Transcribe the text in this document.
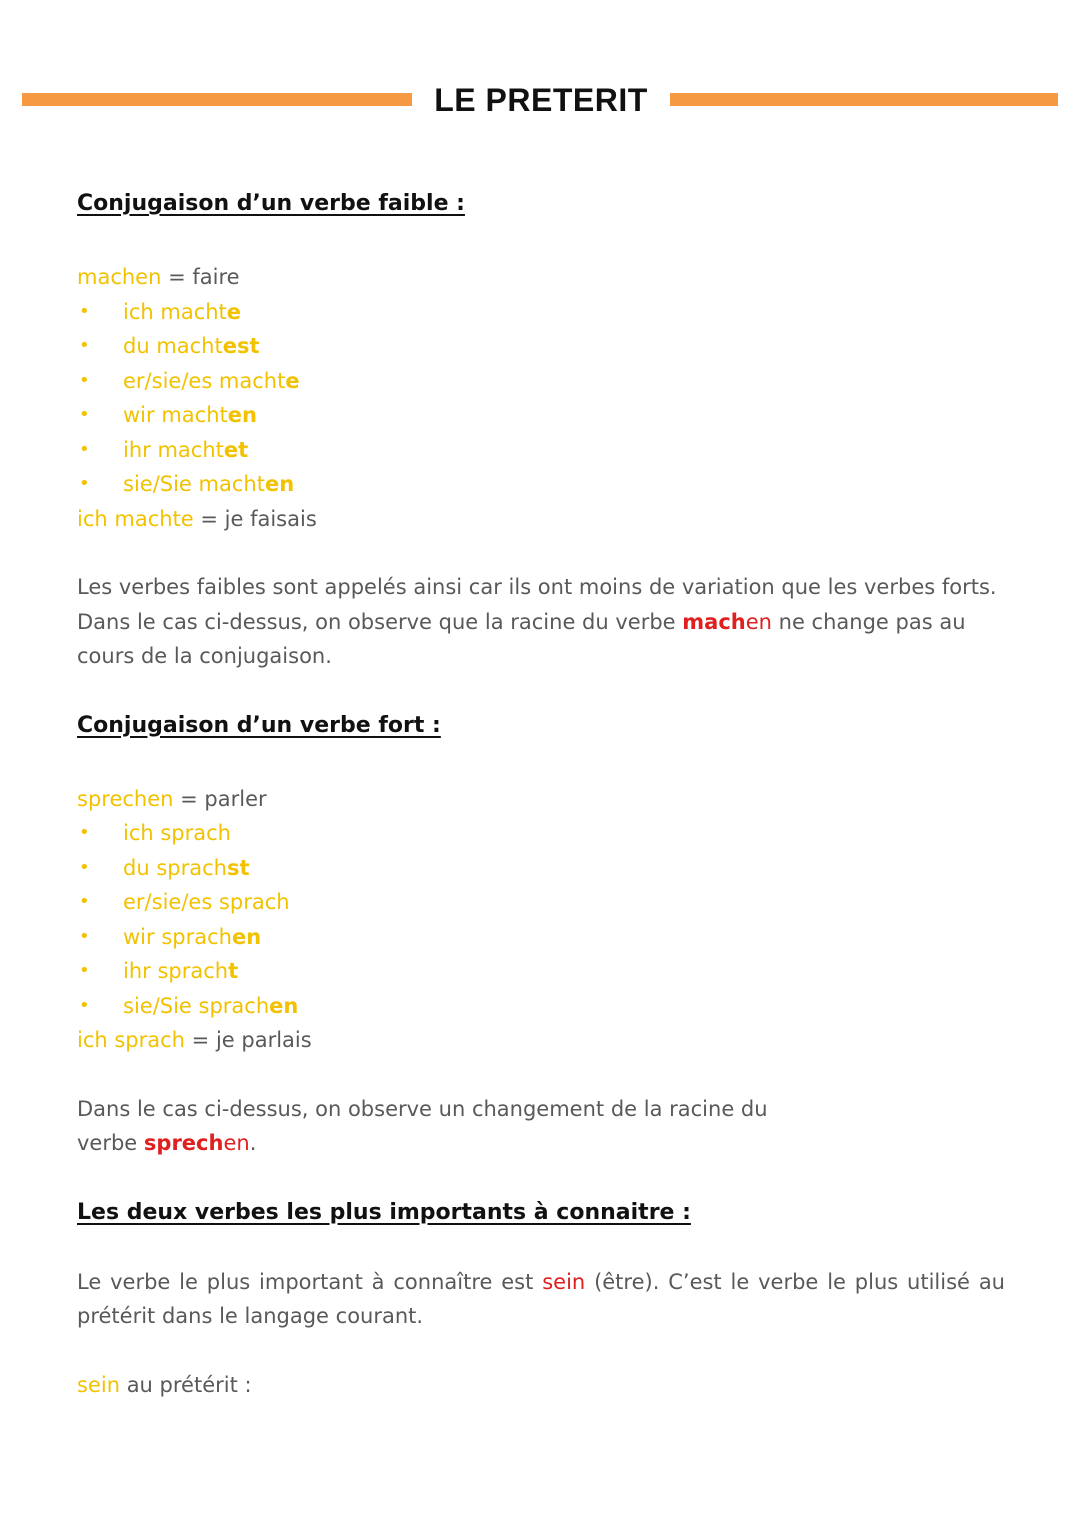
LE PRETERIT
Conjugaison d’un verbe faible :

machen = faire

• ich machte
• du machtest
• er/sie/es machte
• wir machten
• ihr machtet
• sie/Sie machten

ich machte = je faisais

Les verbes faibles sont appelés ainsi car ils ont moins de variation que les verbes forts. Dans le cas ci-dessus, on observe que la racine du verbe machen ne change pas au cours de la conjugaison.

Conjugaison d’un verbe fort :

sprechen = parler

• ich sprach
• du sprachst
• er/sie/es sprach
• wir sprachen
• ihr spracht
• sie/Sie sprachen

ich sprach = je parlais

Dans le cas ci-dessus, on observe un changement de la racine du

verbe sprechen.

Les deux verbes les plus importants à connaitre :

Le verbe le plus important à connaître est sein (être). C’est le verbe le plus utilisé au prétérit dans le langage courant.

sein au prétérit :
